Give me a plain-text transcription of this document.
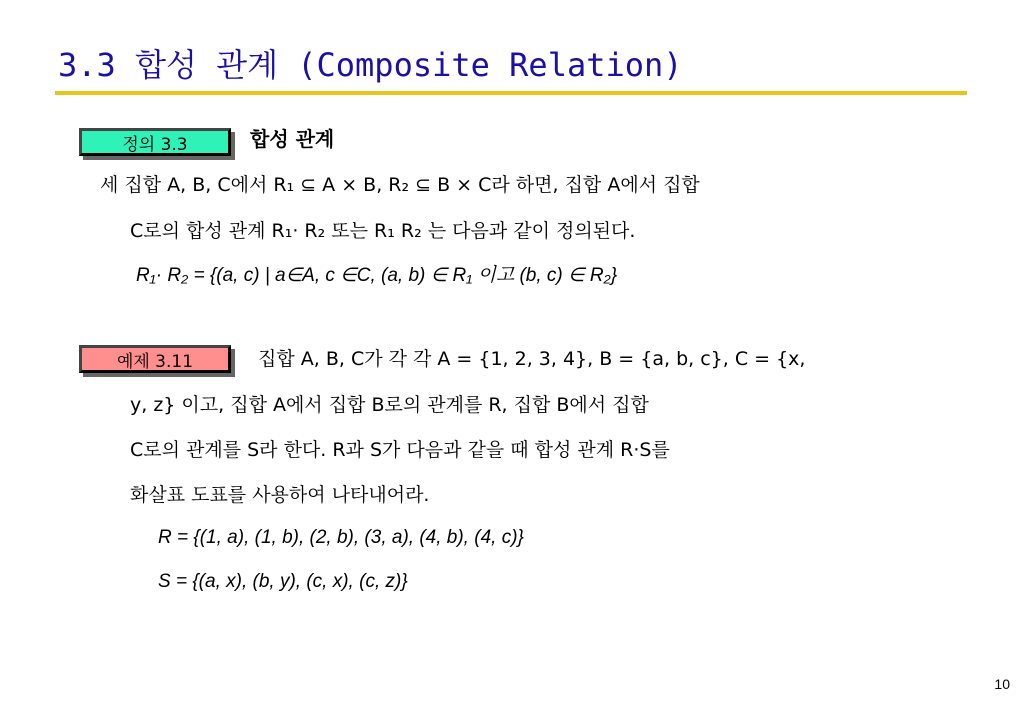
3.3 합성 관계 (Composite Relation)
정의 3.3	합성 관계
세 집합 A, B, C에서 R₁ ⊆ A × B, R₂ ⊆ B × C라 하면, 집합 A에서 집합
C로의 합성 관계 R₁· R₂ 또는 R₁ R₂ 는 다음과 같이 정의된다.
R₁· R₂ = {(a, c) | a∈A, c ∈C, (a, b) ∈ R₁ 이고 (b, c) ∈ R₂}
예제 3.11	집합 A, B, C가 각 각 A = {1, 2, 3, 4}, B = {a, b, c}, C = {x,
y, z} 이고, 집합 A에서 집합 B로의 관계를 R, 집합 B에서 집합
C로의 관계를 S라 한다. R과 S가 다음과 같을 때 합성 관계 R·S를
화살표 도표를 사용하여 나타내어라.
R = {(1, a), (1, b), (2, b), (3, a), (4, b), (4, c)}
S = {(a, x), (b, y), (c, x), (c, z)}
10
